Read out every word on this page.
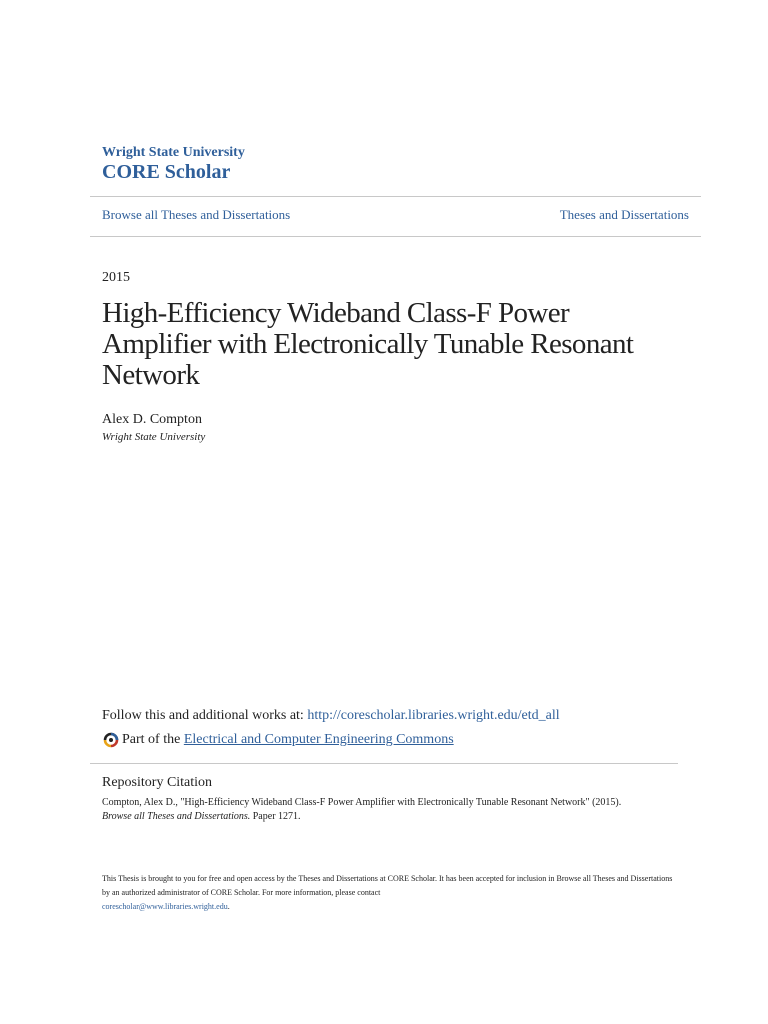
Wright State University
CORE Scholar
Browse all Theses and Dissertations	Theses and Dissertations
2015
High-Efficiency Wideband Class-F Power Amplifier with Electronically Tunable Resonant Network
Alex D. Compton
Wright State University
Follow this and additional works at: http://corescholar.libraries.wright.edu/etd_all
Part of the
Electrical and Computer Engineering Commons
Repository Citation
Compton, Alex D., "High-Efficiency Wideband Class-F Power Amplifier with Electronically Tunable Resonant Network" (2015).
Browse all Theses and Dissertations. Paper 1271.
This Thesis is brought to you for free and open access by the Theses and Dissertations at CORE Scholar. It has been accepted for inclusion in Browse all Theses and Dissertations by an authorized administrator of CORE Scholar. For more information, please contact
corescholar@www.libraries.wright.edu.
